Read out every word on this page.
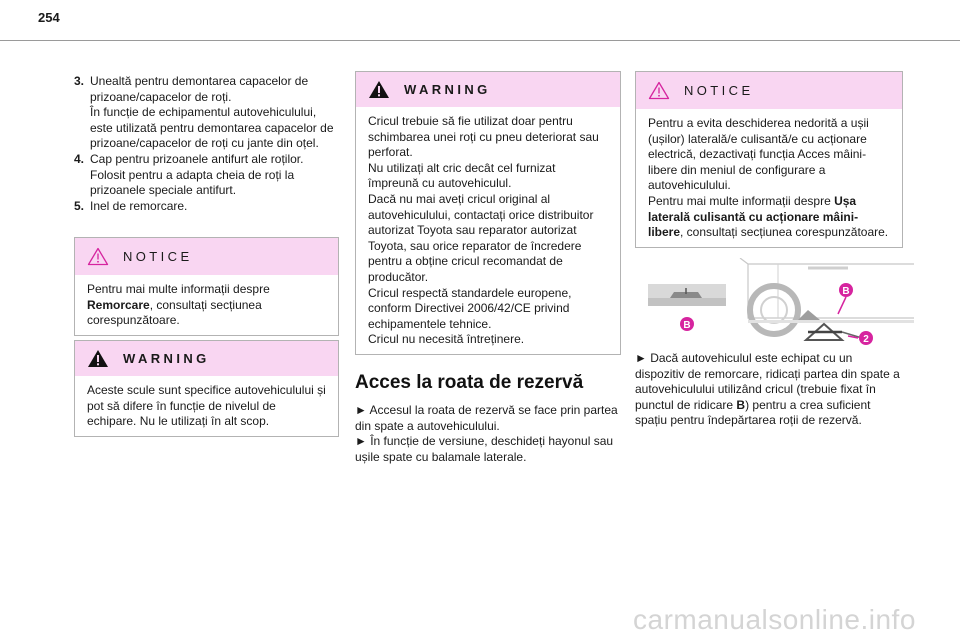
254
3. Unealtă pentru demontarea capacelor de prizoane/capacelor de roți.
În funcție de echipamentul autovehiculului, este utilizată pentru demontarea capacelor de prizoane/capacelor de roți cu jante din oțel.
4. Cap pentru prizoanele antifurt ale roților.
Folosit pentru a adapta cheia de roți la prizoanele speciale antifurt.
5. Inel de remorcare.
NOTICE

Pentru mai multe informații despre Remorcare, consultați secțiunea corespunzătoare.

WARNING

Aceste scule sunt specifice autovehiculului și pot să difere în funcție de nivelul de echipare. Nu le utilizați în alt scop.

WARNING

Cricul trebuie să fie utilizat doar pentru schimbarea unei roți cu pneu deteriorat sau perforat.

Nu utilizați alt cric decât cel furnizat împreună cu autovehiculul.

Dacă nu mai aveți cricul original al autovehiculului, contactați orice distribuitor autorizat Toyota sau reparator autorizat Toyota, sau orice reparator de încredere pentru a obține cricul recomandat de producător.

Cricul respectă standardele europene, conform Directivei 2006/42/CE privind echipamentele tehnice.

Cricul nu necesită întreținere.

Acces la roata de rezervă

► Accesul la roata de rezervă se face prin partea din spate a autovehiculului.

► În funcție de versiune, deschideți hayonul sau ușile spate cu balamale laterale.

NOTICE

Pentru a evita deschiderea nedorită a ușii (ușilor) laterală/e culisantă/e cu acționare electrică, dezactivați funcția Acces mâini-libere din meniul de configurare a autovehiculului.

Pentru mai multe informații despre Ușa laterală culisantă cu acționare mâini-libere, consultați secțiunea corespunzătoare.

B
B
2

► Dacă autovehiculul este echipat cu un dispozitiv de remorcare, ridicați partea din spate a autovehiculului utilizând cricul (trebuie fixat în punctul de ridicare B) pentru a crea suficient spațiu pentru îndepărtarea roții de rezervă.

carmanualsonline.info
